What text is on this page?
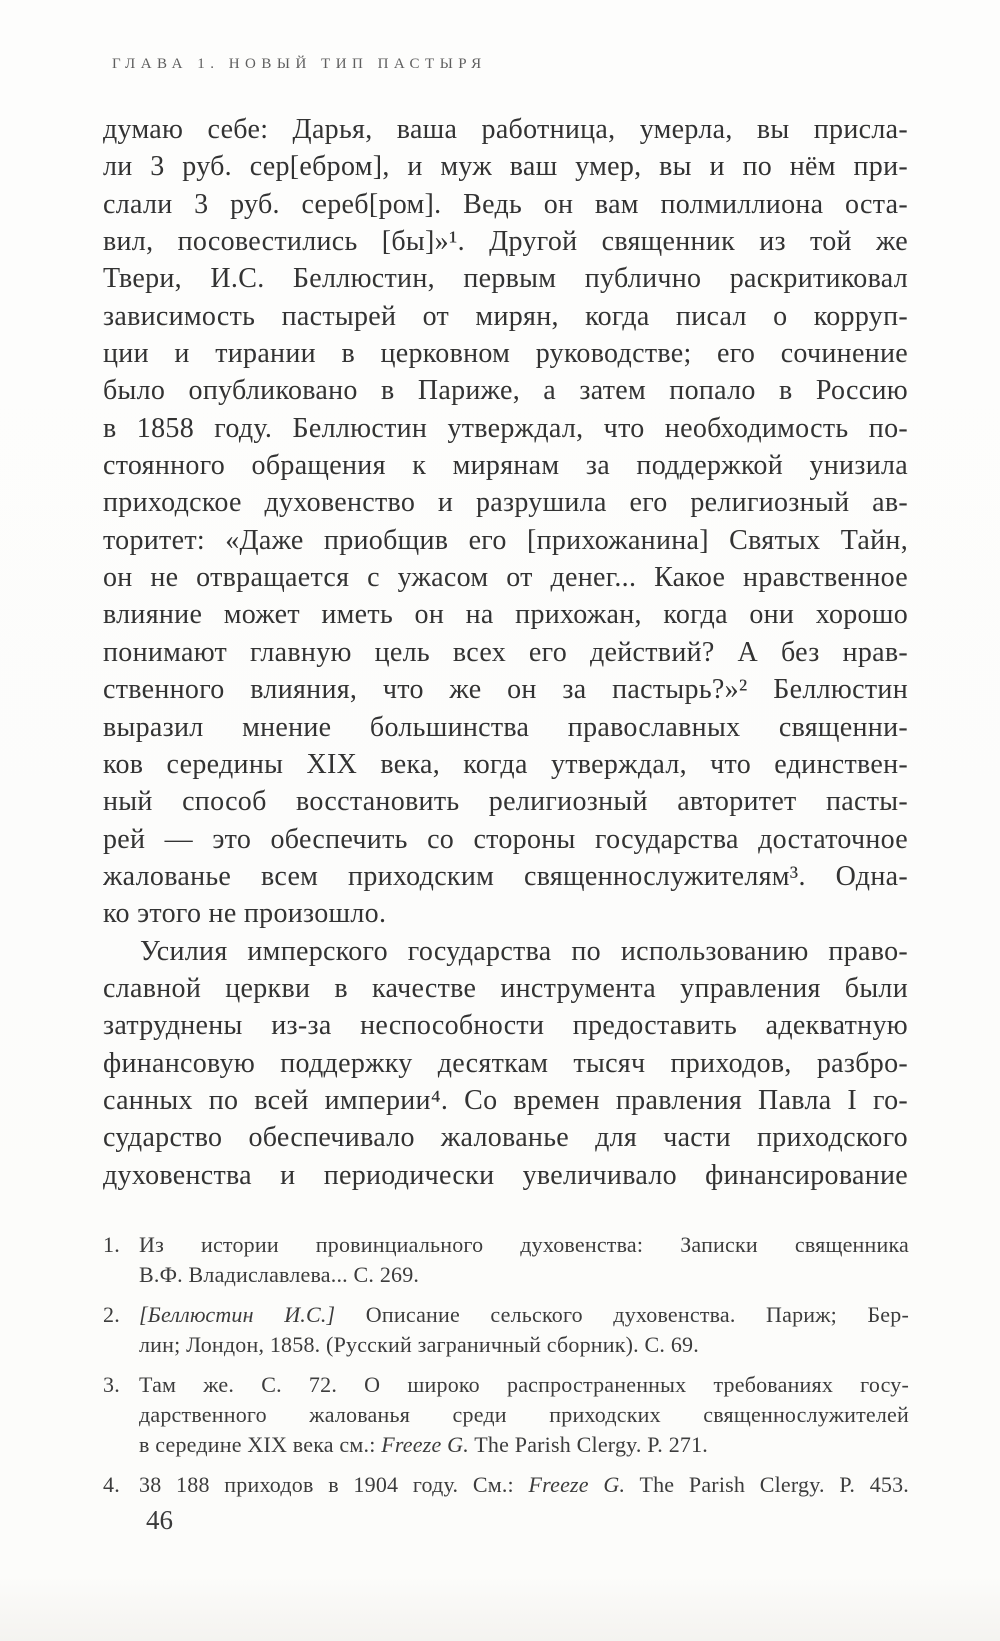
ГЛАВА 1. НОВЫЙ ТИП ПАСТЫРЯ
думаю себе: Дарья, ваша работница, умерла, вы присла-
ли 3 руб. сер[ебром], и муж ваш умер, вы и по нём при-
слали 3 руб. сереб[ром]. Ведь он вам полмиллиона оста-
вил, посовестились [бы]»¹. Другой священник из той же
Твери, И.С. Беллюстин, первым публично раскритиковал
зависимость пастырей от мирян, когда писал о корруп-
ции и тирании в церковном руководстве; его сочинение
было опубликовано в Париже, а затем попало в Россию
в 1858 году. Беллюстин утверждал, что необходимость по-
стоянного обращения к мирянам за поддержкой унизила
приходское духовенство и разрушила его религиозный ав-
торитет: «Даже приобщив его [прихожанина] Святых Тайн,
он не отвращается с ужасом от денег... Какое нравственное
влияние может иметь он на прихожан, когда они хорошо
понимают главную цель всех его действий? А без нрав-
ственного влияния, что же он за пастырь?»² Беллюстин
выразил мнение большинства православных священни-
ков середины XIX века, когда утверждал, что единствен-
ный способ восстановить религиозный авторитет пасты-
рей — это обеспечить со стороны государства достаточное
жалованье всем приходским священнослужителям³. Одна-
ко этого не произошло.
Усилия имперского государства по использованию право-
славной церкви в качестве инструмента управления были
затруднены из-за неспособности предоставить адекватную
финансовую поддержку десяткам тысяч приходов, разбро-
санных по всей империи⁴. Со времен правления Павла I го-
сударство обеспечивало жалованье для части приходского
духовенства и периодически увеличивало финансирование
1. Из истории провинциального духовенства: Записки священника
В.Ф. Владиславлева... С. 269.
2. [Беллюстин И.С.] Описание сельского духовенства. Париж; Бер-
лин; Лондон, 1858. (Русский заграничный сборник). С. 69.
3. Там же. С. 72. О широко распространенных требованиях госу-
дарственного жалованья среди приходских священнослужителей
в середине XIX века см.: Freeze G. The Parish Clergy. P. 271.
4. 38 188 приходов в 1904 году. См.: Freeze G. The Parish Clergy. P. 453.
46
